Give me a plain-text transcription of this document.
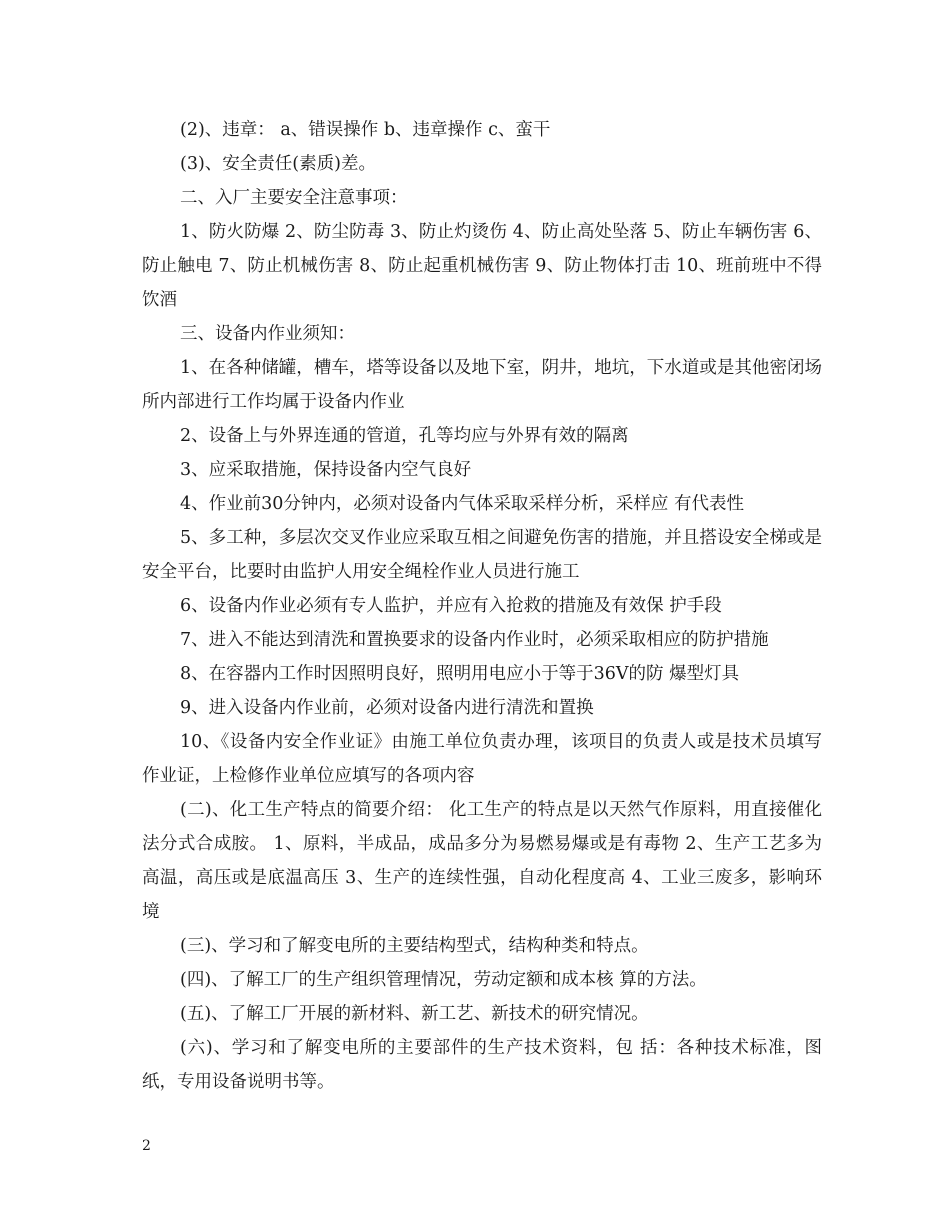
(2)、违章： a、错误操作 b、违章操作 c、蛮干

(3)、安全责任(素质)差。

二、入厂主要安全注意事项：

1、防火防爆 2、防尘防毒 3、防止灼烫伤 4、防止高处坠落 5、防止车辆伤害 6、防止触电 7、防止机械伤害 8、防止起重机械伤害 9、防止物体打击 10、班前班中不得饮酒

三、设备内作业须知：

1、在各种储罐，槽车，塔等设备以及地下室，阴井，地坑，下水道或是其他密闭场所内部进行工作均属于设备内作业

2、设备上与外界连通的管道，孔等均应与外界有效的隔离

3、应采取措施，保持设备内空气良好

4、作业前30分钟内，必须对设备内气体采取采样分析，采样应 有代表性

5、多工种，多层次交叉作业应采取互相之间避免伤害的措施，并且搭设安全梯或是安全平台，比要时由监护人用安全绳栓作业人员进行施工

6、设备内作业必须有专人监护，并应有入抢救的措施及有效保 护手段

7、进入不能达到清洗和置换要求的设备内作业时，必须采取相应的防护措施

8、在容器内工作时因照明良好，照明用电应小于等于36V的防 爆型灯具

9、进入设备内作业前，必须对设备内进行清洗和置换

10、《设备内安全作业证》由施工单位负责办理，该项目的负责人或是技术员填写作业证，上检修作业单位应填写的各项内容

(二)、化工生产特点的简要介绍： 化工生产的特点是以天然气作原料，用直接催化法分式合成胺。 1、原料，半成品，成品多分为易燃易爆或是有毒物 2、生产工艺多为高温，高压或是底温高压 3、生产的连续性强，自动化程度高 4、工业三废多，影响环境

(三)、学习和了解变电所的主要结构型式，结构种类和特点。

(四)、了解工厂的生产组织管理情况，劳动定额和成本核 算的方法。

(五)、了解工厂开展的新材料、新工艺、新技术的研究情况。

(六)、学习和了解变电所的主要部件的生产技术资料，包 括：各种技术标准，图纸，专用设备说明书等。

2
